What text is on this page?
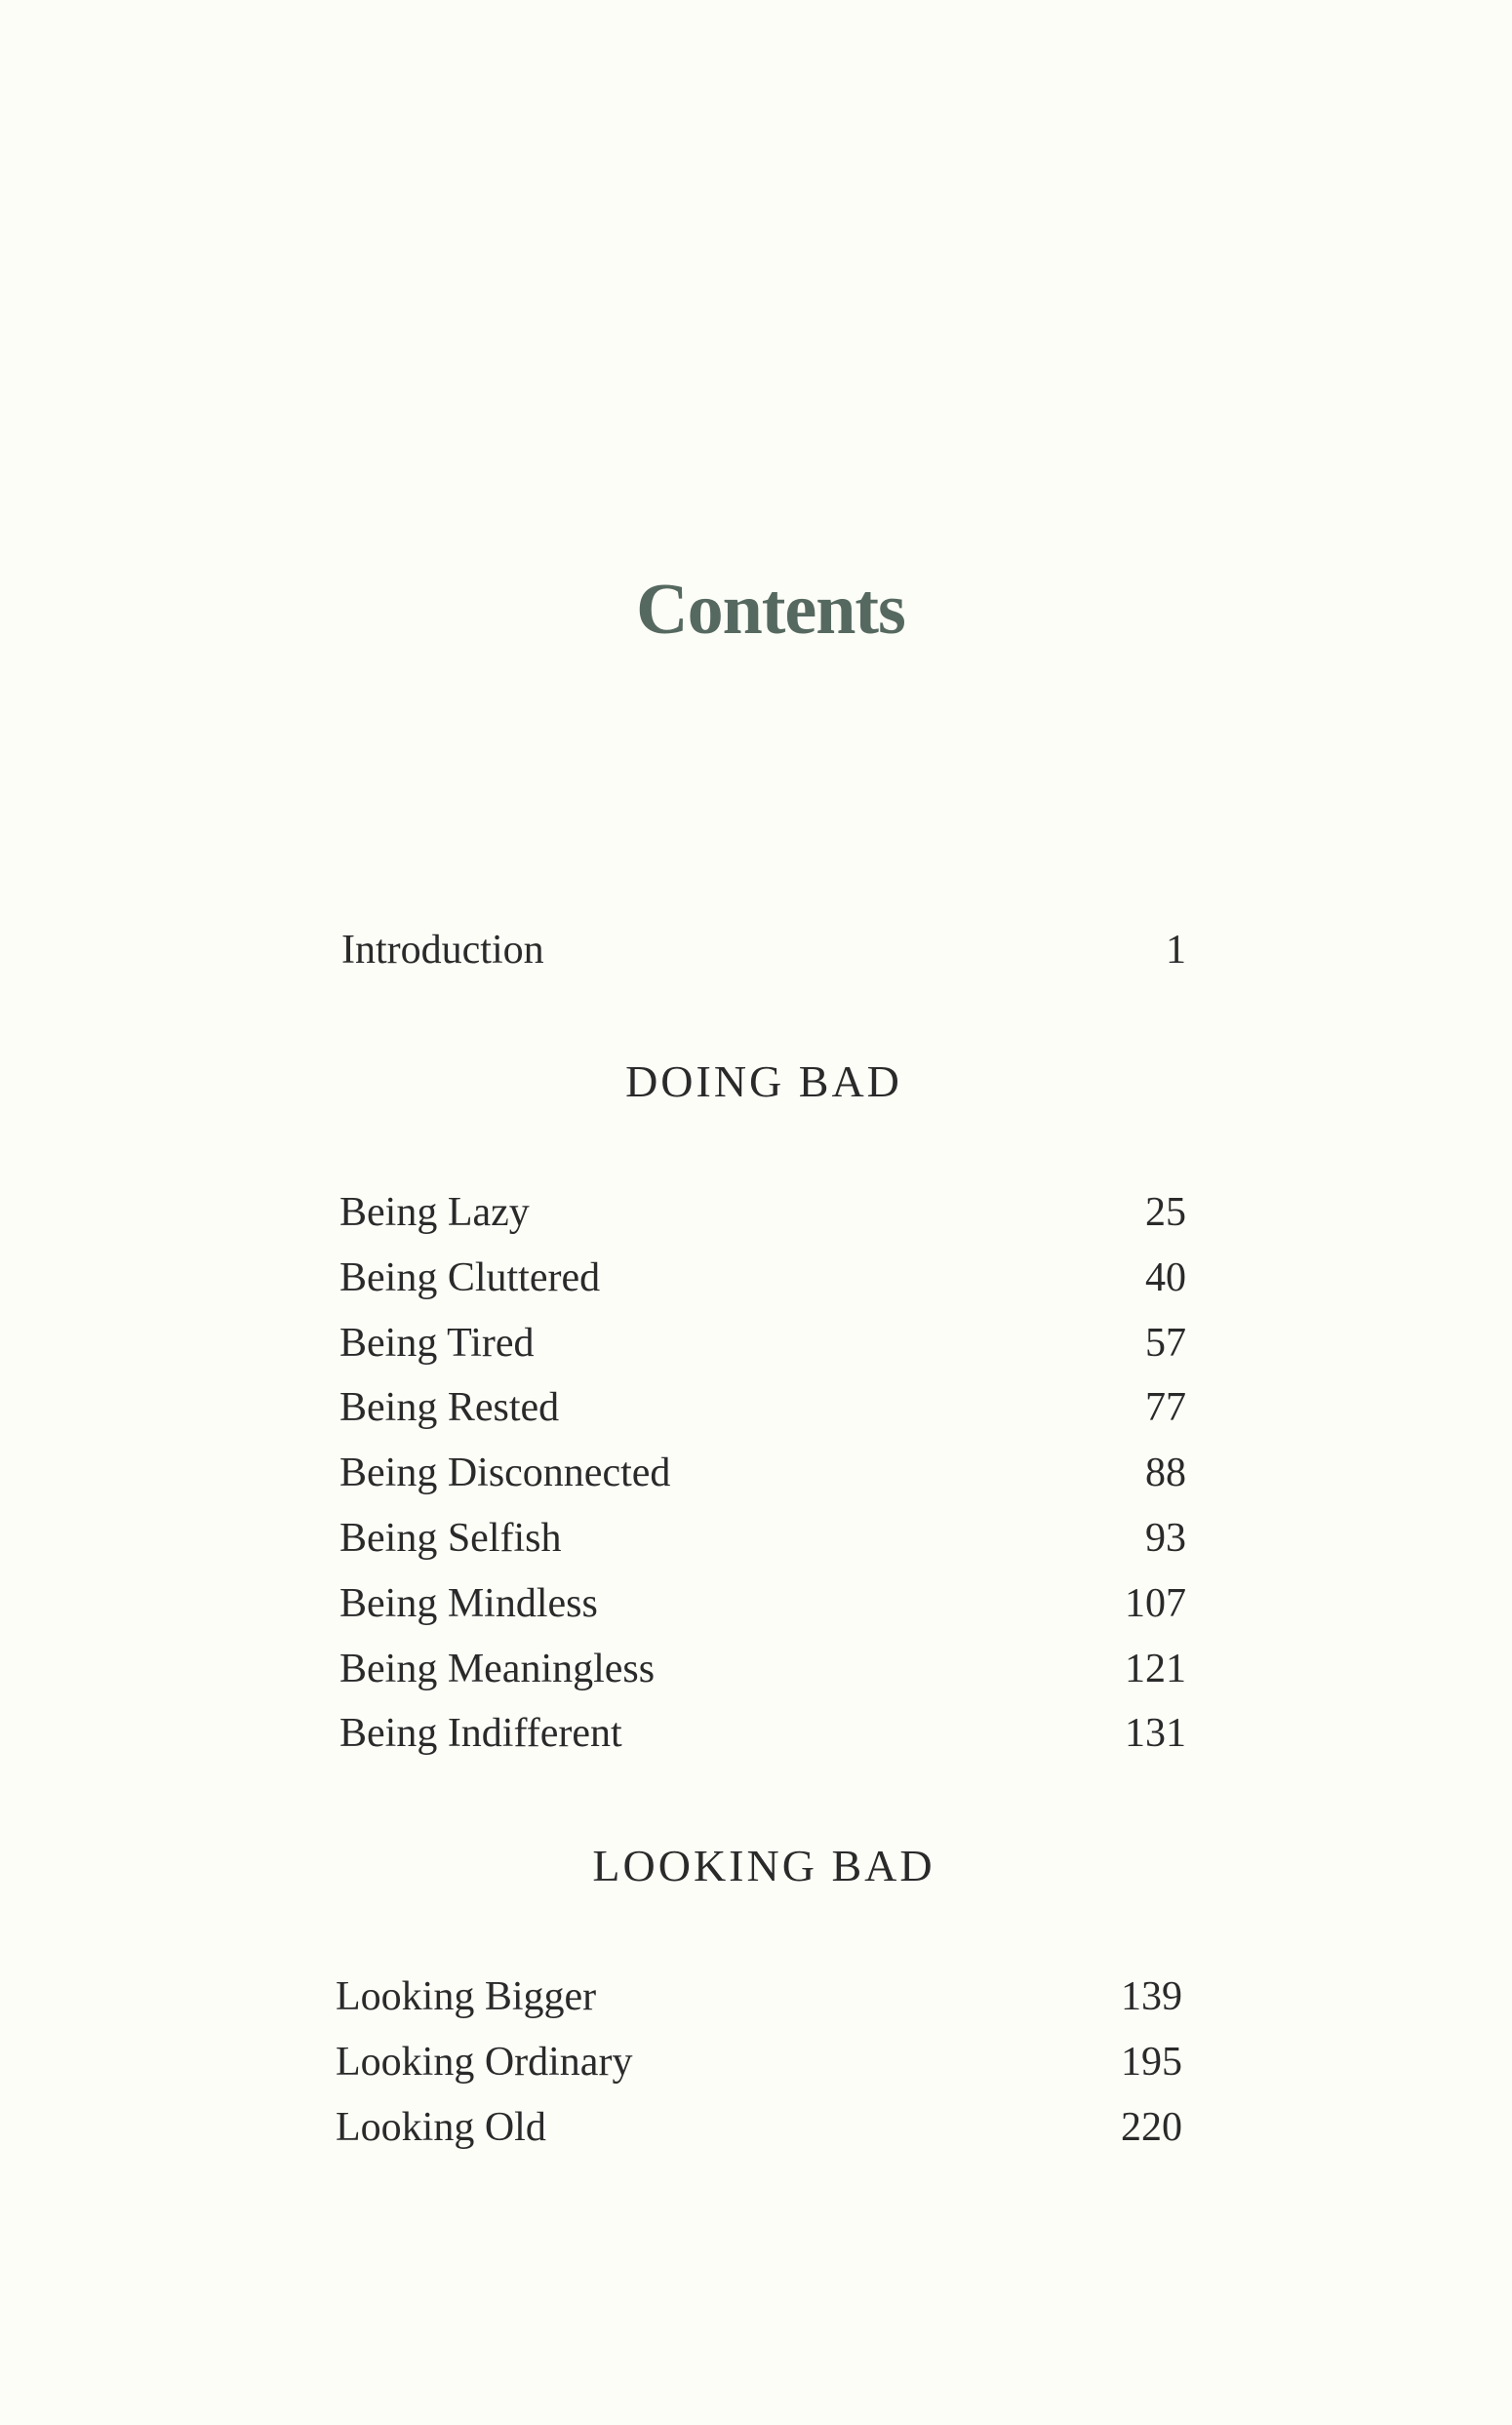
Contents
Introduction	1
DOING BAD
Being Lazy	25
Being Cluttered	40
Being Tired	57
Being Rested	77
Being Disconnected	88
Being Selfish	93
Being Mindless	107
Being Meaningless	121
Being Indifferent	131
LOOKING BAD
Looking Bigger	139
Looking Ordinary	195
Looking Old	220
